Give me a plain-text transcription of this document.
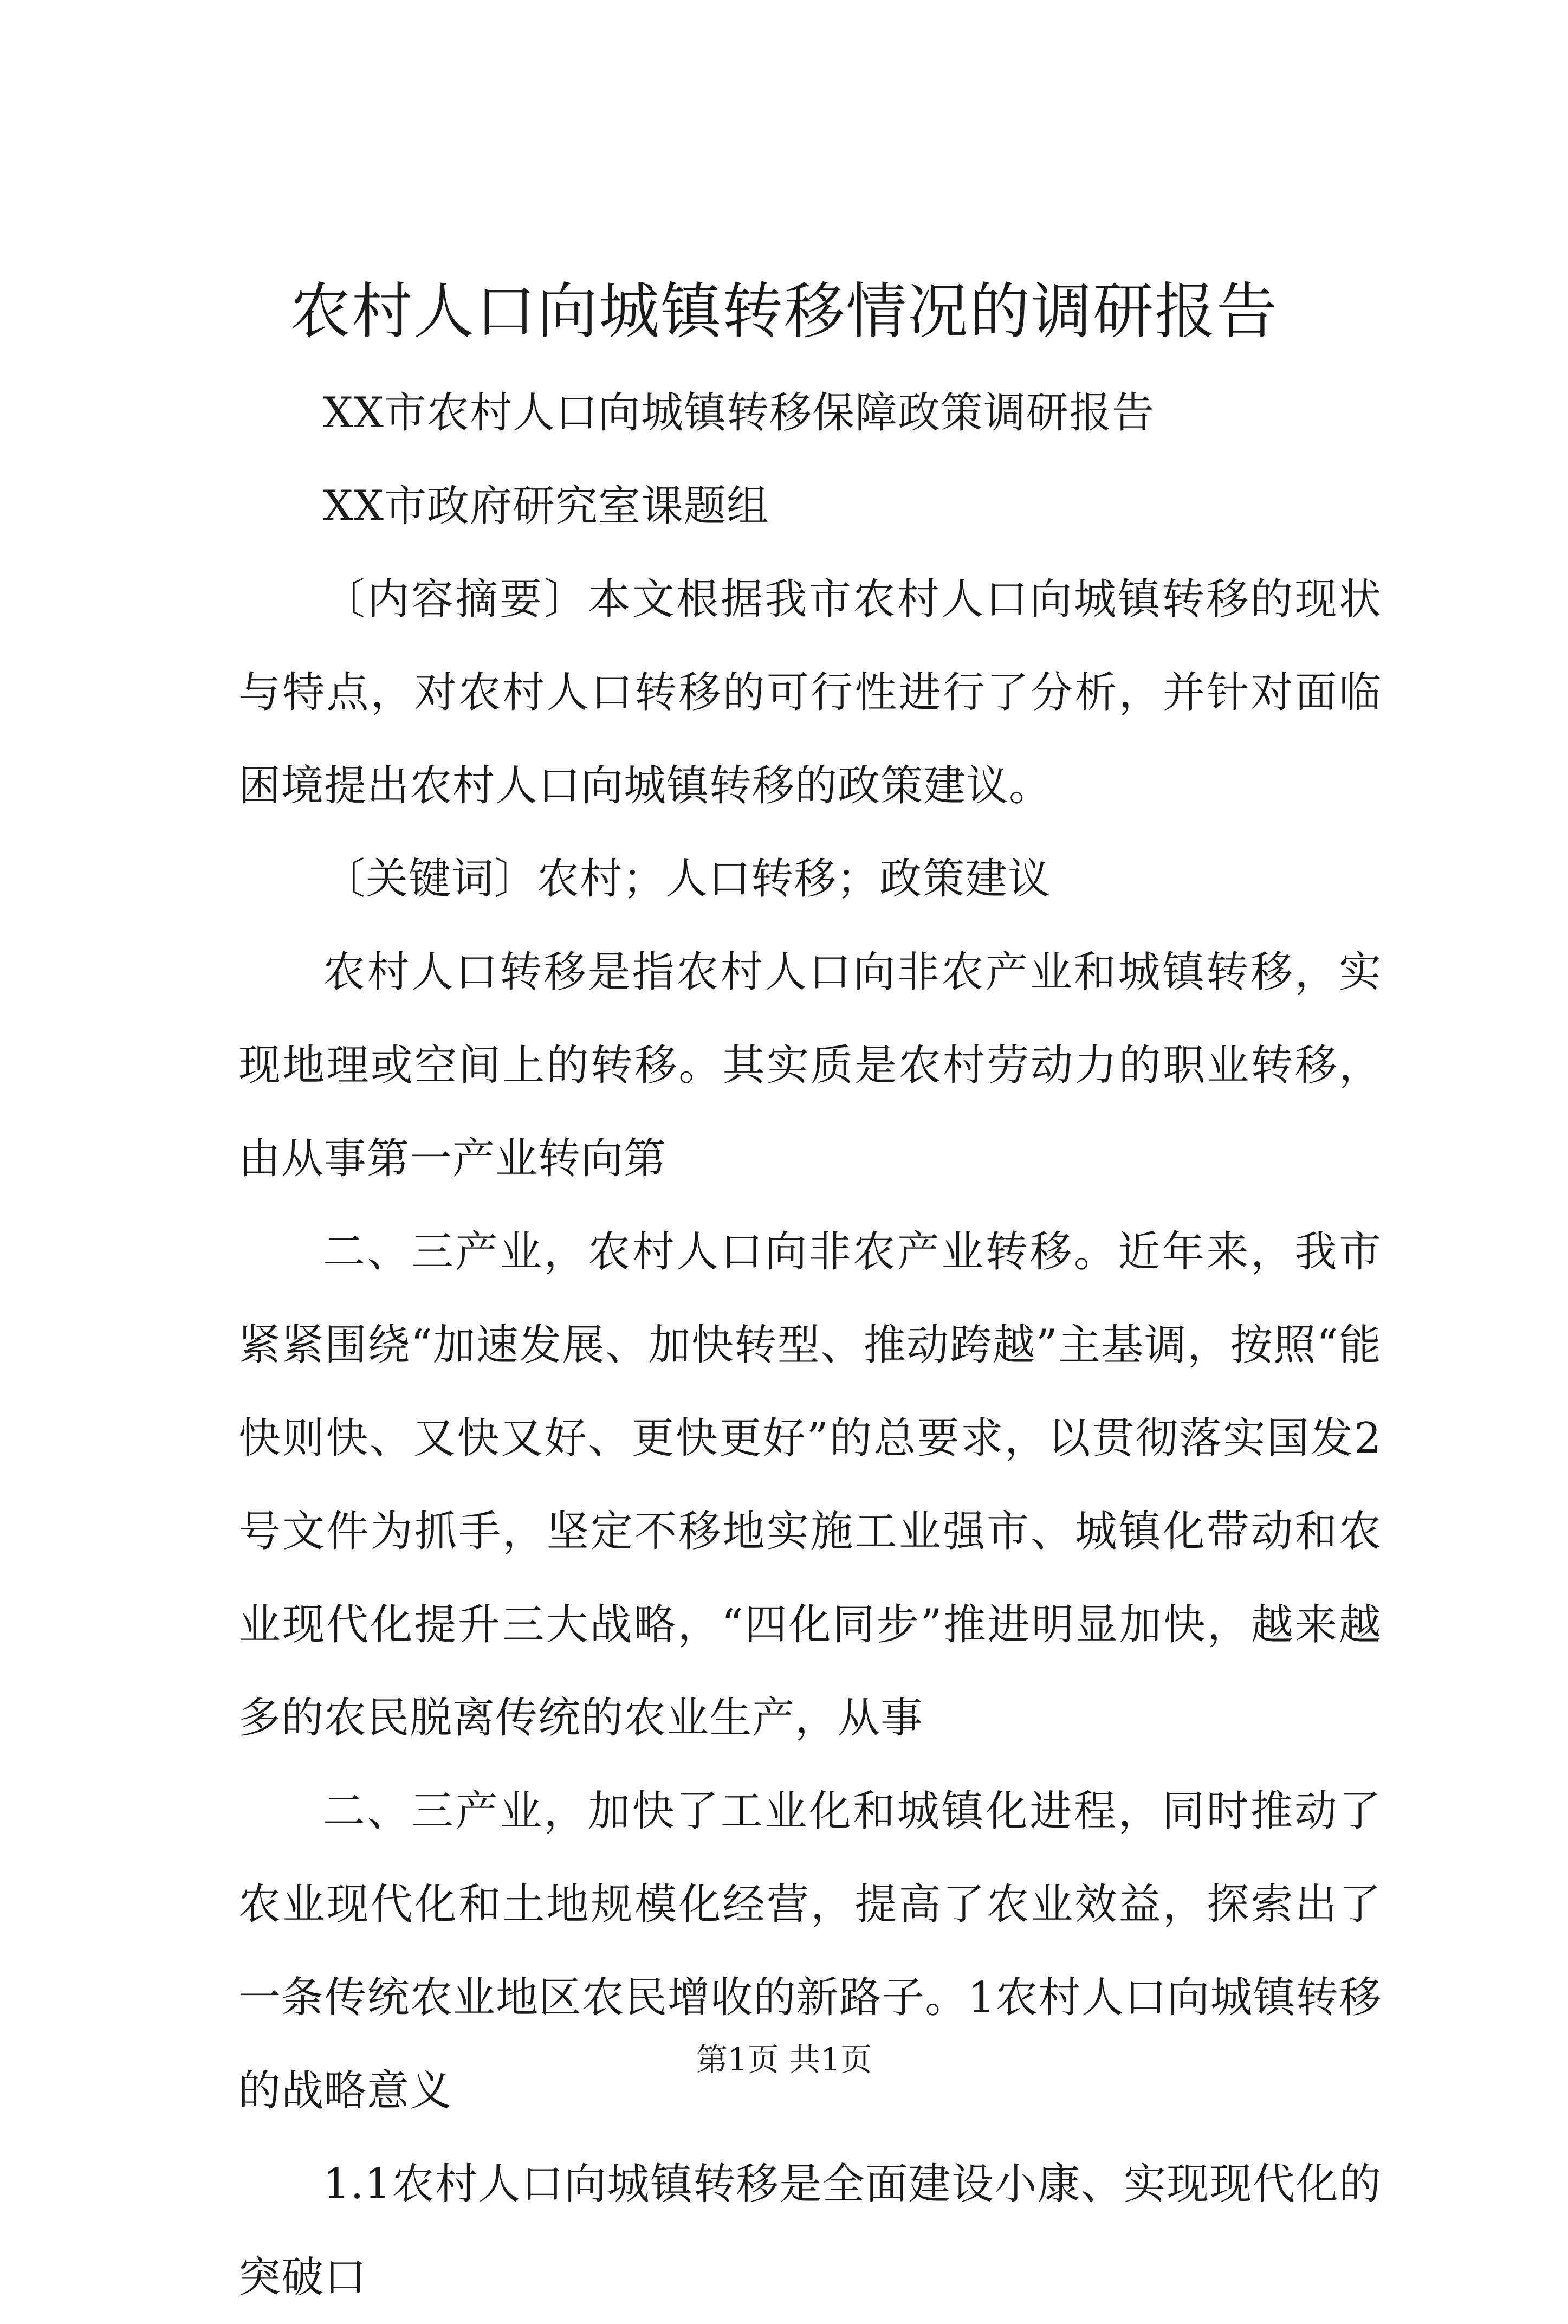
农村人口向城镇转移情况的调研报告

XX市农村人口向城镇转移保障政策调研报告

XX市政府研究室课题组

〔内容摘要〕本文根据我市农村人口向城镇转移的现状与特点，对农村人口转移的可行性进行了分析，并针对面临困境提出农村人口向城镇转移的政策建议。

〔关键词〕农村；人口转移；政策建议

农村人口转移是指农村人口向非农产业和城镇转移，实现地理或空间上的转移。其实质是农村劳动力的职业转移，由从事第一产业转向第

二、三产业，农村人口向非农产业转移。近年来，我市紧紧围绕“加速发展、加快转型、推动跨越”主基调，按照“能快则快、又快又好、更快更好”的总要求，以贯彻落实国发2号文件为抓手，坚定不移地实施工业强市、城镇化带动和农业现代化提升三大战略，“四化同步”推进明显加快，越来越多的农民脱离传统的农业生产，从事

二、三产业，加快了工业化和城镇化进程，同时推动了农业现代化和土地规模化经营，提高了农业效益，探索出了一条传统农业地区农民增收的新路子。1农村人口向城镇转移的战略意义

1.1农村人口向城镇转移是全面建设小康、实现现代化的突破口

第1页 共1页
